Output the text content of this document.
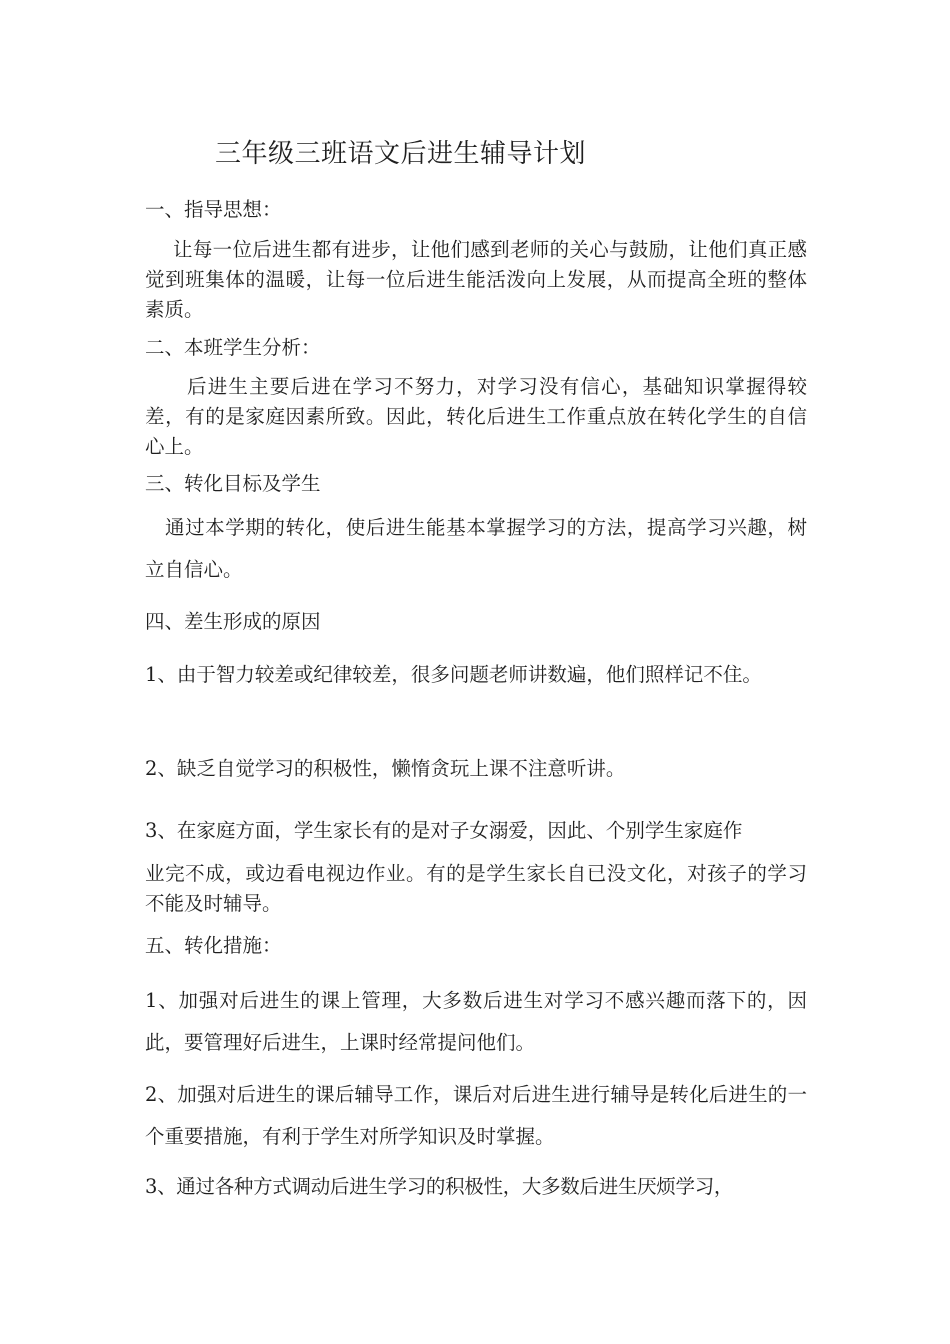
三年级三班语文后进生辅导计划
一、指导思想：
让每一位后进生都有进步，让他们感到老师的关心与鼓励，让他们真正感觉到班集体的温暖，让每一位后进生能活泼向上发展，从而提高全班的整体素质。
二、本班学生分析：
后进生主要后进在学习不努力，对学习没有信心，基础知识掌握得较差，有的是家庭因素所致。因此，转化后进生工作重点放在转化学生的自信心上。
三、转化目标及学生
通过本学期的转化，使后进生能基本掌握学习的方法，提高学习兴趣，树立自信心。
四、差生形成的原因
1、由于智力较差或纪律较差，很多问题老师讲数遍，他们照样记不住。
2、缺乏自觉学习的积极性，懒惰贪玩上课不注意听讲。
3、在家庭方面，学生家长有的是对子女溺爱，因此、个别学生家庭作
业完不成，或边看电视边作业。有的是学生家长自已没文化，对孩子的学习不能及时辅导。
五、转化措施：
1、加强对后进生的课上管理，大多数后进生对学习不感兴趣而落下的，因此，要管理好后进生，上课时经常提问他们。
2、加强对后进生的课后辅导工作，课后对后进生进行辅导是转化后进生的一个重要措施，有利于学生对所学知识及时掌握。
3、通过各种方式调动后进生学习的积极性，大多数后进生厌烦学习，
